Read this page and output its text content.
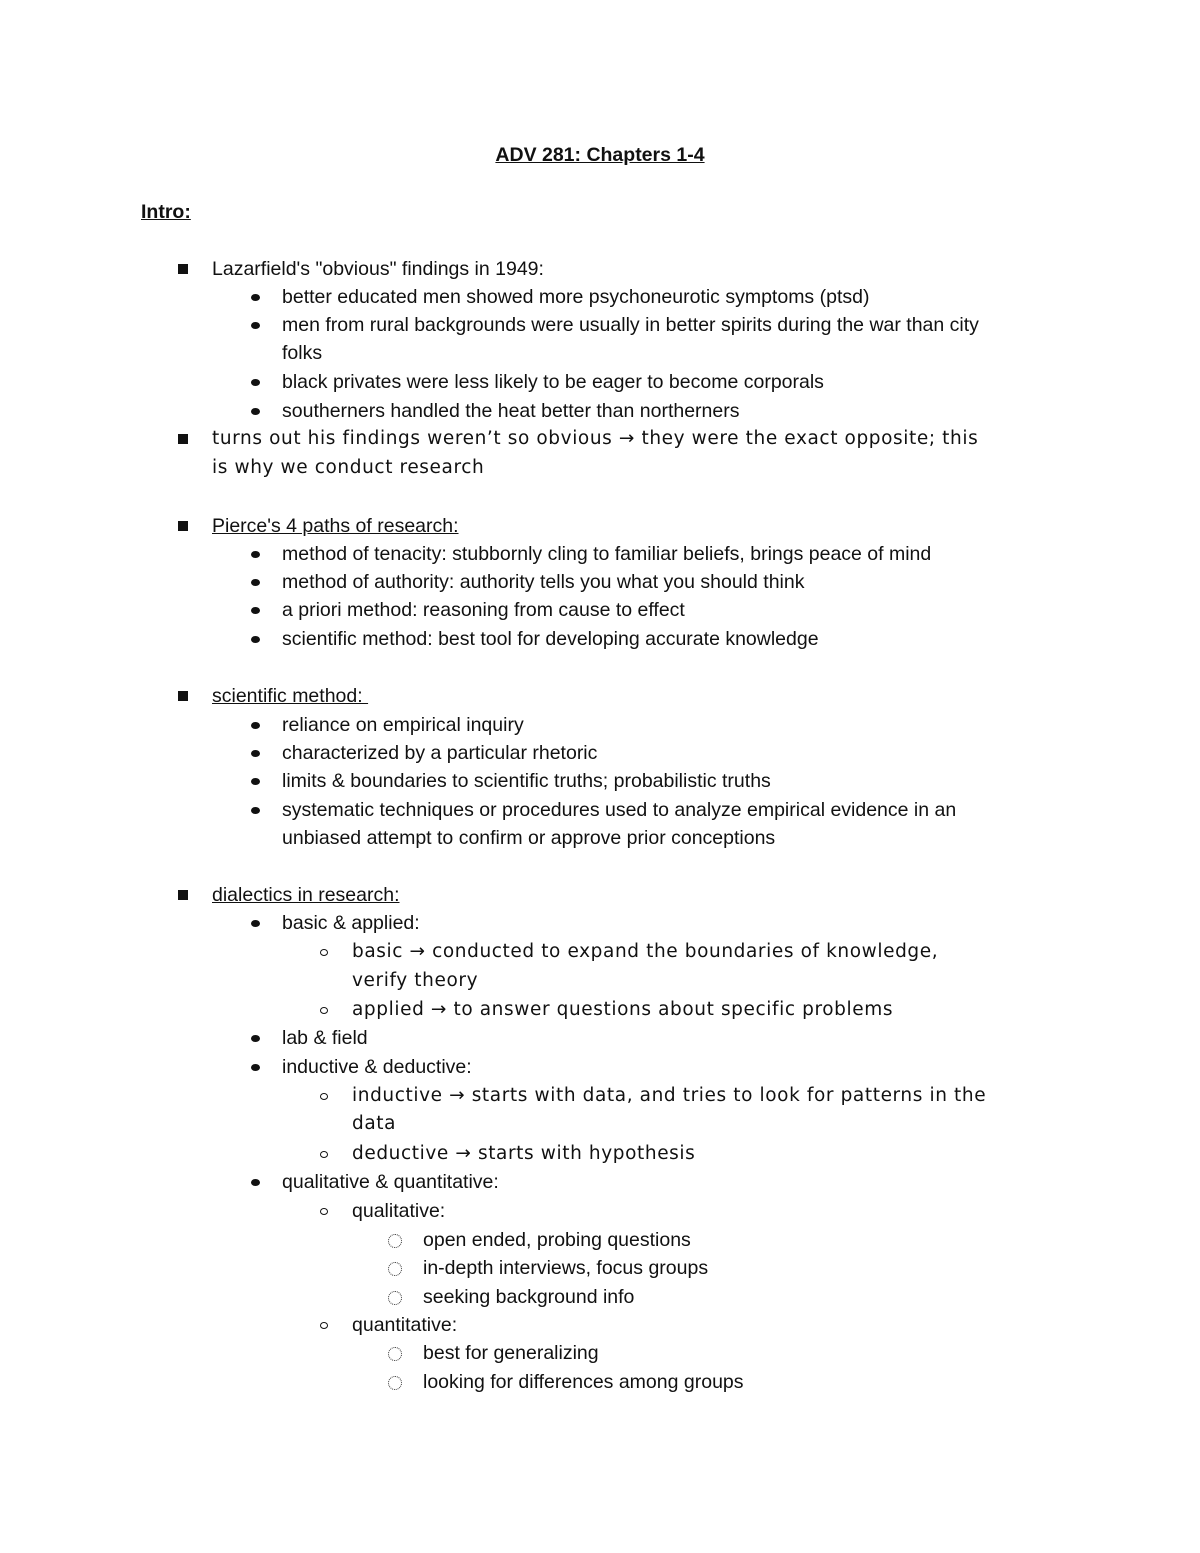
ADV 281: Chapters 1-4
Intro:
Lazarfield's "obvious" findings in 1949:
better educated men showed more psychoneurotic symptoms (ptsd)
men from rural backgrounds were usually in better spirits during the war than city
folks
black privates were less likely to be eager to become corporals
southerners handled the heat better than northerners
turns out his findings weren’t so obvious → they were the exact opposite; this
is why we conduct research
Pierce's 4 paths of research:
method of tenacity: stubbornly cling to familiar beliefs, brings peace of mind
method of authority: authority tells you what you should think
a priori method: reasoning from cause to effect
scientific method: best tool for developing accurate knowledge
scientific method:
reliance on empirical inquiry
characterized by a particular rhetoric
limits & boundaries to scientific truths; probabilistic truths
systematic techniques or procedures used to analyze empirical evidence in an
unbiased attempt to confirm or approve prior conceptions
dialectics in research:
basic & applied:
basic → conducted to expand the boundaries of knowledge,
verify theory
applied → to answer questions about specific problems
lab & field
inductive & deductive:
inductive → starts with data, and tries to look for patterns in the
data
deductive → starts with hypothesis
qualitative & quantitative:
qualitative:
open ended, probing questions
in-depth interviews, focus groups
seeking background info
quantitative:
best for generalizing
looking for differences among groups
